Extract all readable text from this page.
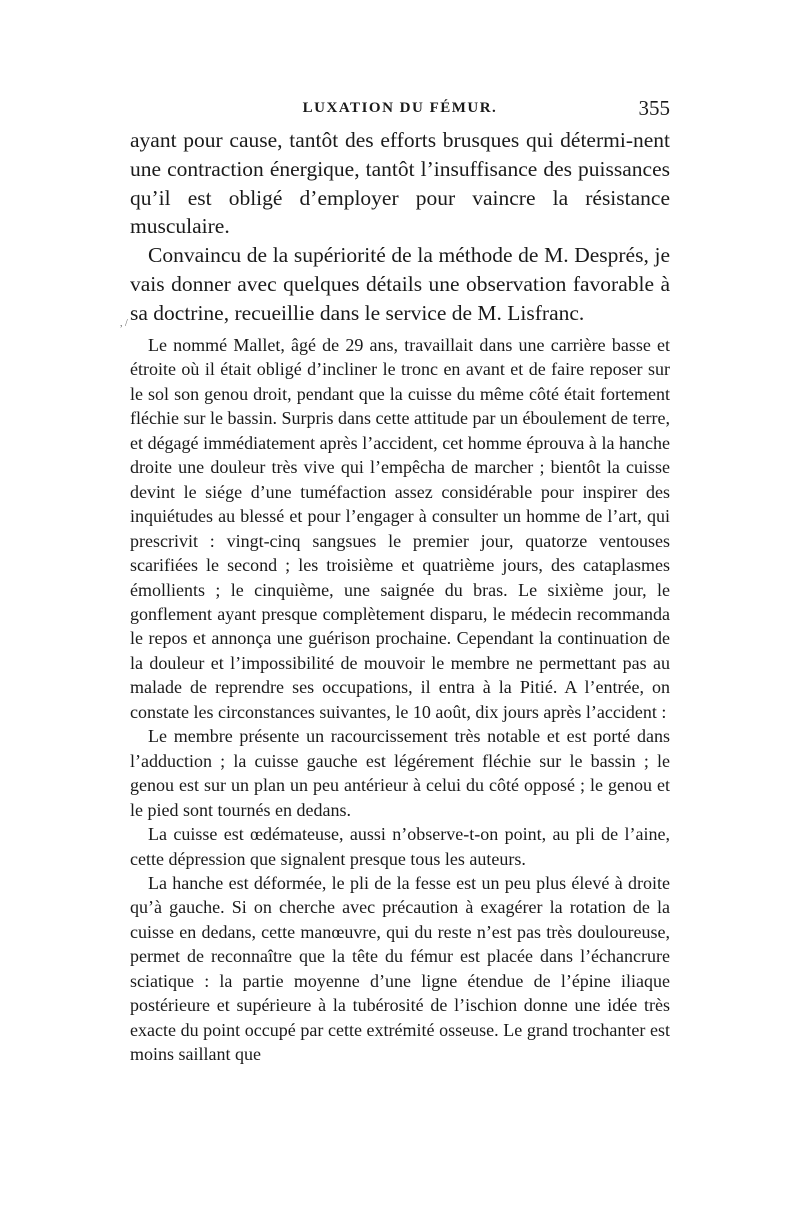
LUXATION DU FÉMUR.	355

ayant pour cause, tantôt des efforts brusques qui détermi-nent une contraction énergique, tantôt l’insuffisance des puissances qu’il est obligé d’employer pour vaincre la résistance musculaire.

Convaincu de la supériorité de la méthode de M. Després, je vais donner avec quelques détails une observation favorable à sa doctrine, recueillie dans le service de M. Lisfranc.

, /

Le nommé Mallet, âgé de 29 ans, travaillait dans une carrière basse et étroite où il était obligé d’incliner le tronc en avant et de faire reposer sur le sol son genou droit, pendant que la cuisse du même côté était fortement fléchie sur le bassin. Surpris dans cette attitude par un éboulement de terre, et dégagé immédiatement après l’accident, cet homme éprouva à la hanche droite une douleur très vive qui l’empêcha de marcher ; bientôt la cuisse devint le siége d’une tuméfaction assez considérable pour inspirer des inquiétudes au blessé et pour l’engager à consulter un homme de l’art, qui prescrivit : vingt-cinq sangsues le premier jour, quatorze ventouses scarifiées le second ; les troisième et quatrième jours, des cataplasmes émollients ; le cinquième, une saignée du bras. Le sixième jour, le gonflement ayant presque complètement disparu, le médecin recommanda le repos et annonça une guérison prochaine. Cependant la continuation de la douleur et l’impossibilité de mouvoir le membre ne permettant pas au malade de reprendre ses occupations, il entra à la Pitié. A l’entrée, on constate les circonstances suivantes, le 10 août, dix jours après l’accident :

Le membre présente un racourcissement très notable et est porté dans l’adduction ; la cuisse gauche est légérement fléchie sur le bassin ; le genou est sur un plan un peu antérieur à celui du côté opposé ; le genou et le pied sont tournés en dedans.

La cuisse est œdémateuse, aussi n’observe-t-on point, au pli de l’aine, cette dépression que signalent presque tous les auteurs.

La hanche est déformée, le pli de la fesse est un peu plus élevé à droite qu’à gauche. Si on cherche avec précaution à exagérer la rotation de la cuisse en dedans, cette manœuvre, qui du reste n’est pas très douloureuse, permet de reconnaître que la tête du fémur est placée dans l’échancrure sciatique : la partie moyenne d’une ligne étendue de l’épine iliaque postérieure et supérieure à la tubérosité de l’ischion donne une idée très exacte du point occupé par cette extrémité osseuse. Le grand trochanter est moins saillant que
